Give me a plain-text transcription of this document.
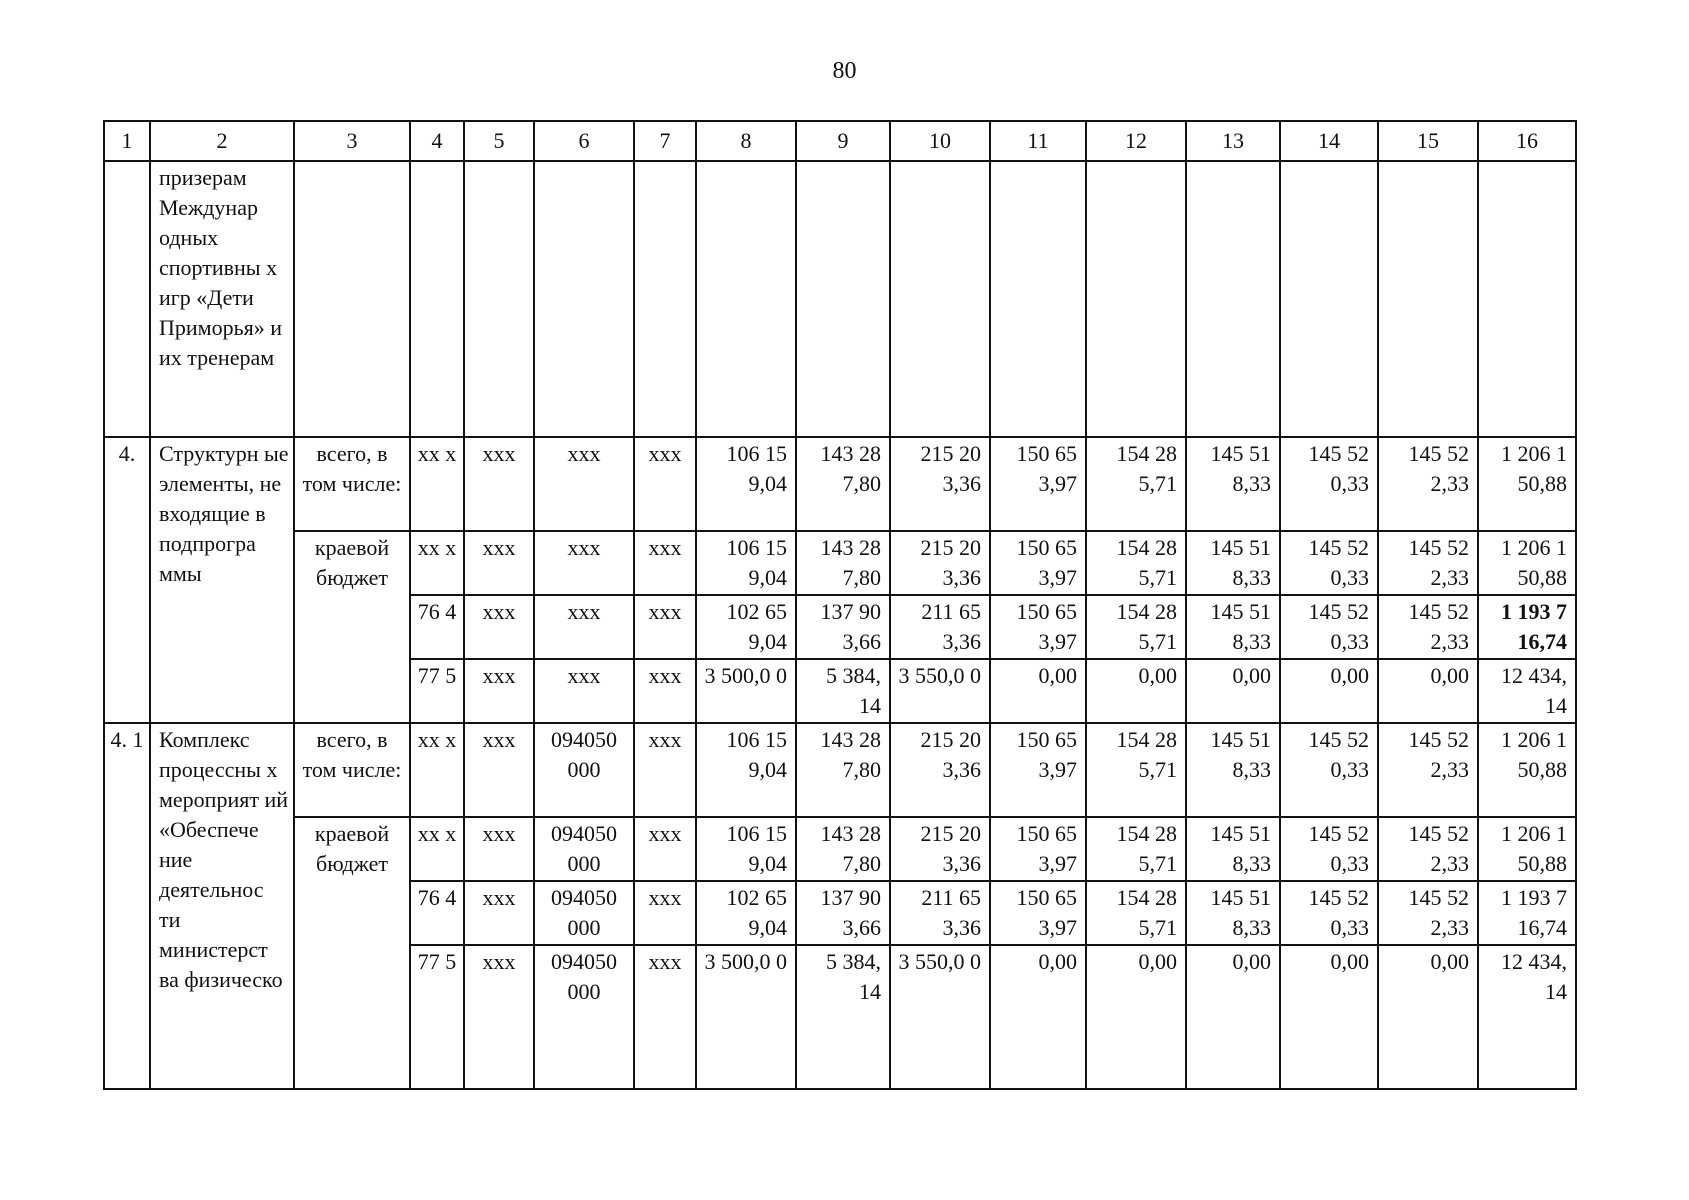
80
1	2	3	4	5	6	7	8	9	10	11	12	13	14	15	16
	призерам Междунар одных спортивны х игр «Дети Приморья» и их тренерам														
4.	Структурн ые элементы, не входящие в подпрогра ммы	всего, в том числе:	хх х	ххх	ххх	ххх	106 15 9,04	143 28 7,80	215 20 3,36	150 65 3,97	154 28 5,71	145 51 8,33	145 52 0,33	145 52 2,33	1 206 1 50,88
		краевой бюджет	хх х	ххх	ххх	ххх	106 15 9,04	143 28 7,80	215 20 3,36	150 65 3,97	154 28 5,71	145 51 8,33	145 52 0,33	145 52 2,33	1 206 1 50,88
			76 4	ххх	ххх	ххх	102 65 9,04	137 90 3,66	211 65 3,36	150 65 3,97	154 28 5,71	145 51 8,33	145 52 0,33	145 52 2,33	1 193 7 16,74
			77 5	ххх	ххх	ххх	3 500,0 0	5 384, 14	3 550,0 0	0,00	0,00	0,00	0,00	0,00	12 434, 14
4. 1	Комплекс процессны х мероприят ий «Обеспече ние деятельнос ти министерст ва физическо	всего, в том числе:	хх х	ххх	094050 000	ххх	106 15 9,04	143 28 7,80	215 20 3,36	150 65 3,97	154 28 5,71	145 51 8,33	145 52 0,33	145 52 2,33	1 206 1 50,88
		краевой бюджет	хх х	ххх	094050 000	ххх	106 15 9,04	143 28 7,80	215 20 3,36	150 65 3,97	154 28 5,71	145 51 8,33	145 52 0,33	145 52 2,33	1 206 1 50,88
			76 4	ххх	094050 000	ххх	102 65 9,04	137 90 3,66	211 65 3,36	150 65 3,97	154 28 5,71	145 51 8,33	145 52 0,33	145 52 2,33	1 193 7 16,74
			77 5	ххх	094050 000	ххх	3 500,0 0	5 384, 14	3 550,0 0	0,00	0,00	0,00	0,00	0,00	12 434, 14
